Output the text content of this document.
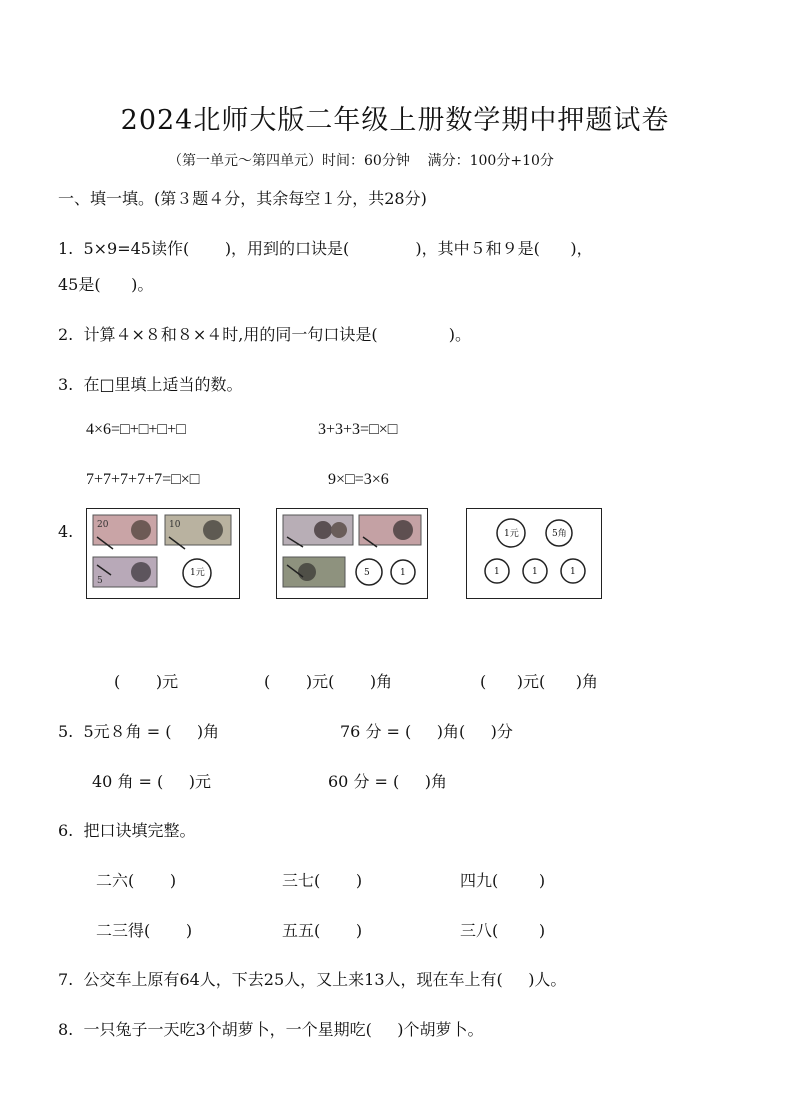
2024北师大版二年级上册数学期中押题试卷
（第一单元～第四单元）时间：60分钟    满分：100分+10分
一、填一填。(第３题４分，其余每空１分，共28分)
1.  5×9=45读作(       )，用到的口诀是(             )，其中５和９是(      )，
45是(      )。
2.  计算４×８和８×４时,用的同一句口诀是(              )。
3.  在□里填上适当的数。
4×6=□+□+□+□	3+3+3=□×□
7+7+7+7+7=□×□	9×□=3×6
4.	20	10
5
1元	5	1
1元	5角
1	1	1
(       )元	(       )元(       )角	(      )元(      )角
5.  5元８角 = (     )角	76 分 = (     )角(     )分
40 角 = (     )元	60 分 = (     )角
6.  把口诀填完整。
二六(       )	三七(       )	四九(        )
二三得(       )	五五(       )	三八(        )
7.  公交车上原有64人，下去25人，又上来13人，现在车上有(     )人。
8.  一只兔子一天吃3个胡萝卜，一个星期吃(     )个胡萝卜。
